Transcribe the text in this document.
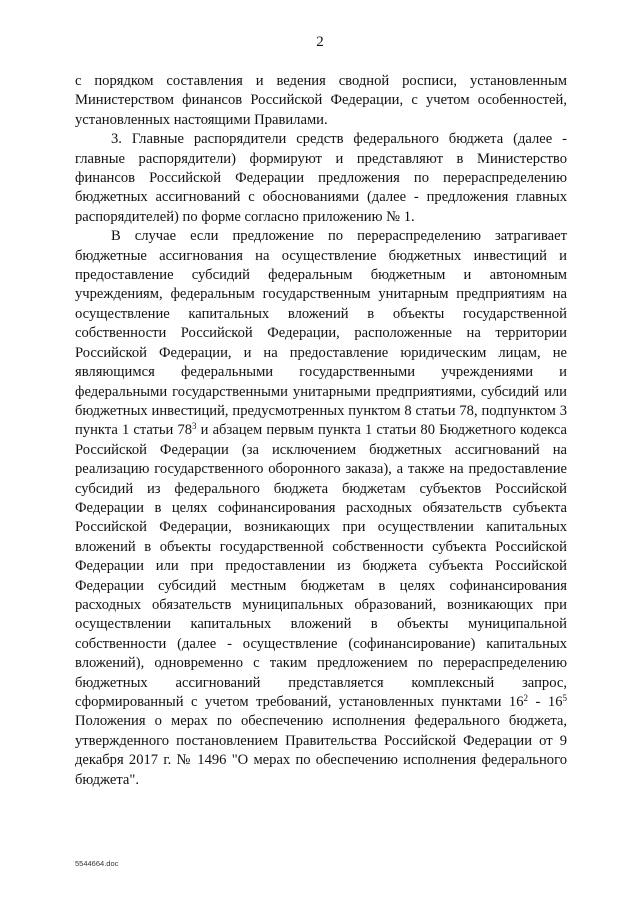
2

с порядком составления и ведения сводной росписи, установленным Министерством финансов Российской Федерации, с учетом особенностей, установленных настоящими Правилами.

3. Главные распорядители средств федерального бюджета (далее - главные распорядители) формируют и представляют в Министерство финансов Российской Федерации предложения по перераспределению бюджетных ассигнований с обоснованиями (далее - предложения главных распорядителей) по форме согласно приложению № 1.

В случае если предложение по перераспределению затрагивает бюджетные ассигнования на осуществление бюджетных инвестиций и предоставление субсидий федеральным бюджетным и автономным учреждениям, федеральным государственным унитарным предприятиям на осуществление капитальных вложений в объекты государственной собственности Российской Федерации, расположенные на территории Российской Федерации, и на предоставление юридическим лицам, не являющимся федеральными государственными учреждениями и федеральными государственными унитарными предприятиями, субсидий или бюджетных инвестиций, предусмотренных пунктом 8 статьи 78, подпунктом 3 пункта 1 статьи $78^3$ и абзацем первым пункта 1 статьи 80 Бюджетного кодекса Российской Федерации (за исключением бюджетных ассигнований на реализацию государственного оборонного заказа), а также на предоставление субсидий из федерального бюджета бюджетам субъектов Российской Федерации в целях софинансирования расходных обязательств субъекта Российской Федерации, возникающих при осуществлении капитальных вложений в объекты государственной собственности субъекта Российской Федерации или при предоставлении из бюджета субъекта Российской Федерации субсидий местным бюджетам в целях софинансирования расходных обязательств муниципальных образований, возникающих при осуществлении капитальных вложений в объекты муниципальной собственности (далее - осуществление (софинансирование) капитальных вложений), одновременно с таким предложением по перераспределению бюджетных ассигнований представляется комплексный запрос, сформированный с учетом требований, установленных пунктами $16^2 - 16^5$ Положения о мерах по обеспечению исполнения федерального бюджета, утвержденного постановлением Правительства Российской Федерации от 9 декабря 2017 г. № 1496 "О мерах по обеспечению исполнения федерального бюджета".

5544664.doc
